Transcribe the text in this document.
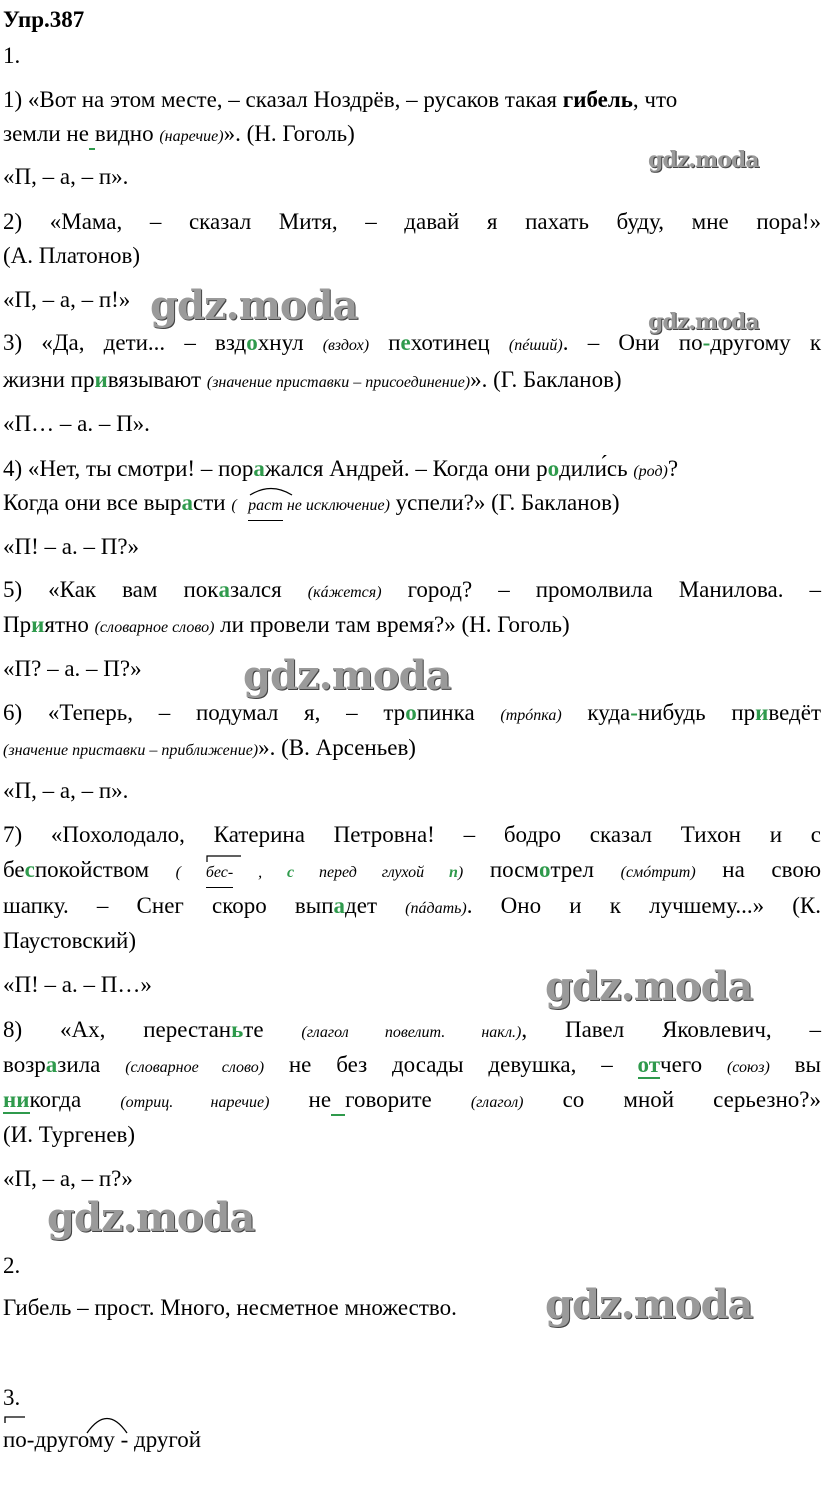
Упр.387
1.
1) «Вот на этом месте, – сказал Ноздрёв, – русаков такая гибель, что
земли не видно (наречие)». (Н. Гоголь)
«П, – а, – п».
2) «Мама, – сказал Митя, – давай я пахать буду, мне пора!»
(А. Платонов)
«П, – а, – п!»
3) «Да, дети... – вздохнул (вздох) пехотинец (пéший). – Они по-другому к
жизни привязывают (значение приставки – присоединение)». (Г. Бакланов)
«П… – а. – П».
4) «Нет, ты смотри! – поражался Андрей. – Когда они родили́сь (род)?
Когда они все вырасти ( раст не исключение) успели?» (Г. Бакланов)
«П! – а. – П?»
5) «Как вам показался (кáжется) город? – промолвила Манилова. –
Приятно (словарное слово) ли провели там время?» (Н. Гоголь)
«П? – а. – П?»
6) «Теперь, – подумал я, – тропинка (трóпка) куда-нибудь приведёт
(значение приставки – приближение)». (В. Арсеньев)
«П, – а, – п».
7) «Похолодало, Катерина Петровна! – бодро сказал Тихон и с
беспокойством (
бес- , с перед глухой п) посмотрел (смóтрит) на свою
шапку. – Снег скоро выпадет (пáдать). Оно и к лучшему...» (К.
Паустовский)
«П! – а. – П…»
8) «Ах, перестаньте (глагол повелит. накл.), Павел Яковлевич, –
возразила (словарное слово) не без досады девушка, – отчего (союз) вы
никогда (отриц. наречие) не говорите (глагол) со мной серьезно?»
(И. Тургенев)
«П, – а, – п?»
2.
Гибель – прост. Много, несметное множество.
3.
по-другому - другой
gdz.moda
gdz.moda	gdz.moda
gdz.moda
gdz.moda
gdz.moda
gdz.moda
